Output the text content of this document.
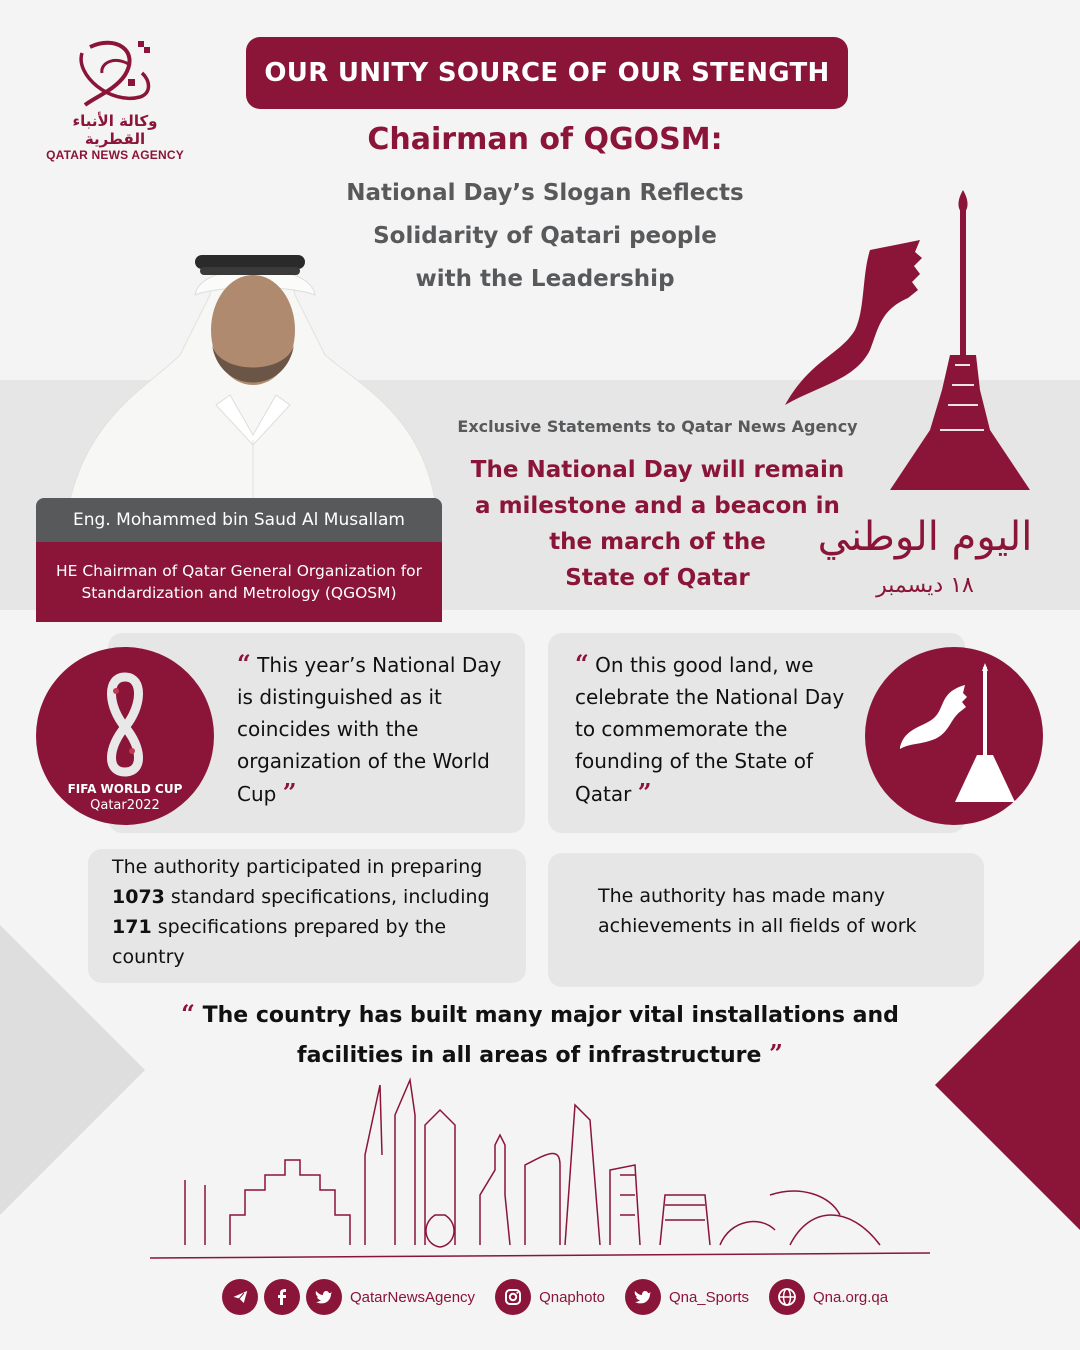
وكالة الأنباء القطرية
QATAR NEWS AGENCY
OUR UNITY SOURCE OF OUR STENGTH
Chairman of QGOSM:
National Day’s Slogan Reflects
Solidarity of Qatari people
with the Leadership
Eng. Mohammed bin Saud Al Musallam
HE Chairman of Qatar General Organization for Standardization and Metrology (QGOSM)
Exclusive Statements to Qatar News Agency
The National Day will remain
a milestone and a beacon in
the march of the
State of Qatar
اليوم الوطني
١٨ ديسمبر
FIFA WORLD CUP
Qatar2022
“ This year’s National Day is distinguished as it coincides with the organization of the World Cup ”
“ On this good land, we celebrate the National Day to commemorate the founding of the State of Qatar ”
The authority participated in preparing 1073 standard specifications, including 171 specifications prepared by the country
The authority has made many achievements in all fields of work
“ The country has built many major vital installations and facilities in all areas of infrastructure ”
QatarNewsAgency	Qnaphoto	Qna_Sports	Qna.org.qa
